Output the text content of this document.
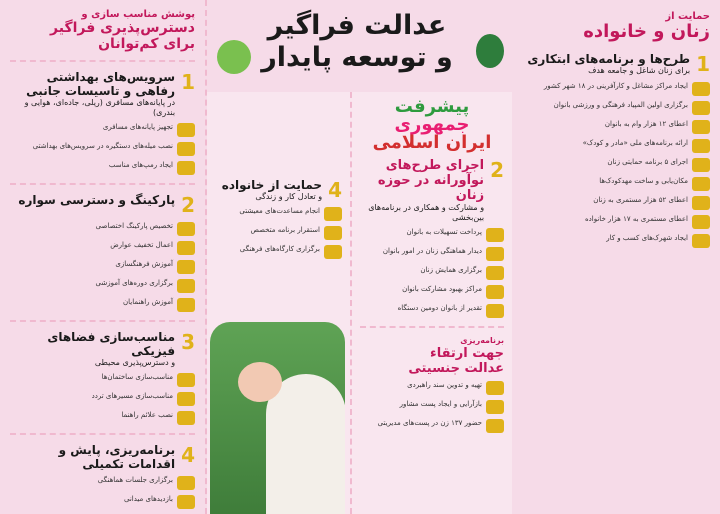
حمایت از
زنان و خانواده
1
طرح‌ها و برنامه‌های ابتکاری
برای زنان شاغل و جامعه هدف
ایجاد مراکز مشاغل و کارآفرینی در ۱۸ شهر کشور
برگزاری اولین المپیاد فرهنگی و ورزشی بانوان
اعطای ۱۲ هزار وام به بانوان
ارائه برنامه‌های ملی «مادر و کودک»
اجرای ۵ برنامه حمایتی زنان
مکان‌یابی و ساخت مهدکودک‌ها
اعطای ۵۲ هزار مستمری به زنان
اعطای مستمری به ۱۷ هزار خانواده
ایجاد شهرک‌های کسب و کار
عدالت فراگیر
و توسعه پایدار
پیشرفت
جمهوری
ایران اسلامی
2
اجرای طرح‌های
نوآورانه در حوزه زنان
و مشارکت و همکاری در برنامه‌های بین‌بخشی
پرداخت تسهیلات به بانوان
دیدار هماهنگی زنان در امور بانوان
برگزاری همایش زنان
مراکز بهبود مشارکت بانوان
تقدیر از بانوان دومین دستگاه
برنامه‌ریزی
جهت ارتقاء
عدالت جنسیتی
تهیه و تدوین سند راهبردی
بازآرایی و ایجاد پست مشاور
حضور ۱۳۷ زن در پست‌های مدیریتی
4
حمایت از خانواده
و تعادل کار و زندگی
انجام مساعدت‌های معیشتی
استقرار برنامه متخصص
برگزاری کارگاه‌های فرهنگی
پوشش مناسب سازی و
دسترس‌پذیری فراگیر
برای کم‌توانان
1
سرویس‌های بهداشتی رفاهی و تاسیسات جانبی
در پایانه‌های مسافری (ریلی، جاده‌ای، هوایی و بندری)
تجهیز پایانه‌های مسافری
نصب میله‌های دستگیره در سرویس‌های بهداشتی
ایجاد رمپ‌های مناسب
2
پارکینگ و دسترسی سواره
تخصیص پارکینگ اختصاصی
اعمال تخفیف عوارض
آموزش فرهنگسازی
برگزاری دوره‌های آموزشی
آموزش راهنمایان
3
مناسب‌سازی فضاهای فیزیکی
و دسترس‌پذیری محیطی
مناسب‌سازی ساختمان‌ها
مناسب‌سازی مسیرهای تردد
نصب علائم راهنما
4
برنامه‌ریزی، پایش و اقدامات تکمیلی
برگزاری جلسات هماهنگی
بازدیدهای میدانی
